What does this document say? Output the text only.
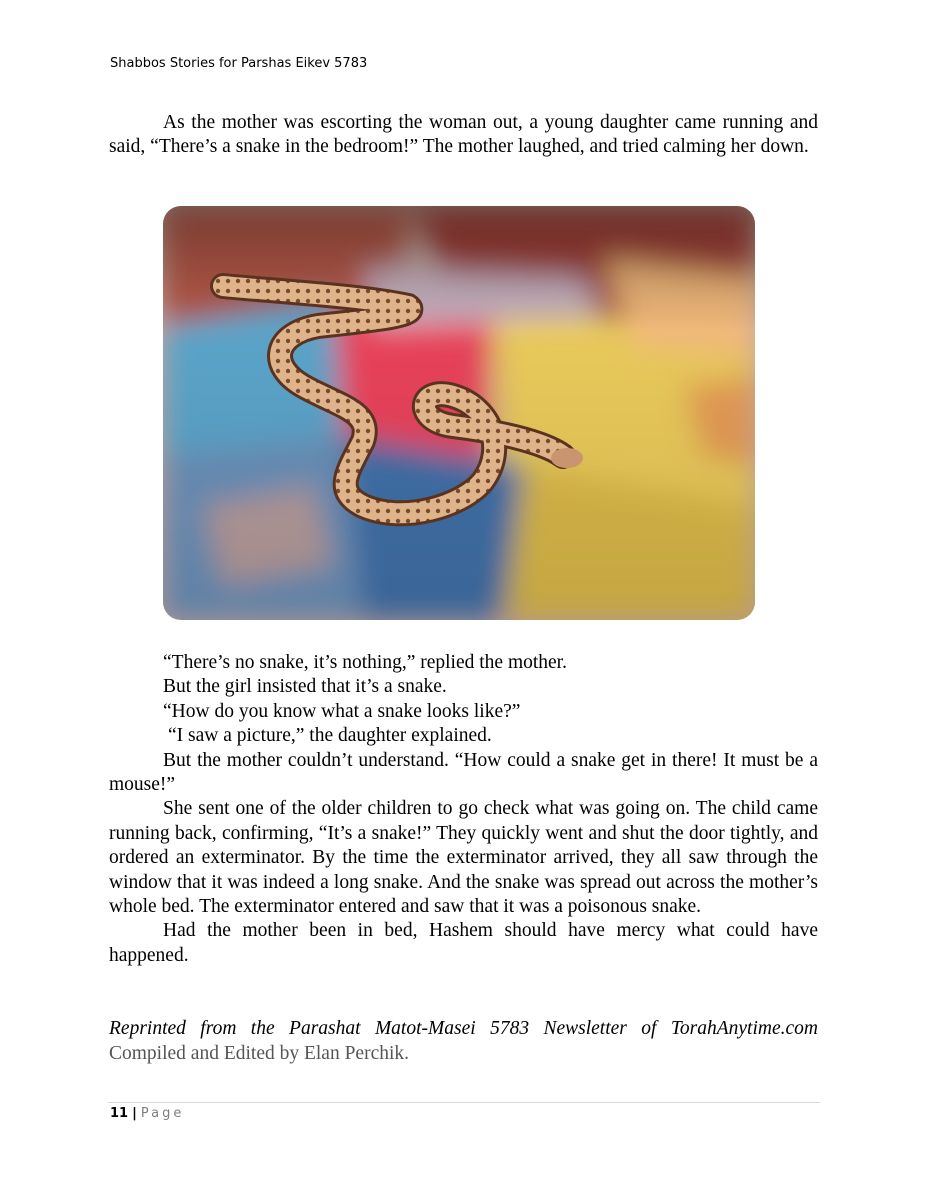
Shabbos Stories for Parshas Eikev 5783

As the mother was escorting the woman out, a young daughter came running and said, “There’s a snake in the bedroom!” The mother laughed, and tried calming her down.

“There’s no snake, it’s nothing,” replied the mother.

But the girl insisted that it’s a snake.

“How do you know what a snake looks like?”

“I saw a picture,” the daughter explained.

But the mother couldn’t understand. “How could a snake get in there! It must be a mouse!”

She sent one of the older children to go check what was going on. The child came running back, confirming, “It’s a snake!” They quickly went and shut the door tightly, and ordered an exterminator. By the time the exterminator arrived, they all saw through the window that it was indeed a long snake. And the snake was spread out across the mother’s whole bed. The exterminator entered and saw that it was a poisonous snake.

Had the mother been in bed, Hashem should have mercy what could have happened.

Reprinted from the Parashat Matot-Masei 5783 Newsletter of TorahAnytime.com

Compiled and Edited by Elan Perchik.

11 | Page
